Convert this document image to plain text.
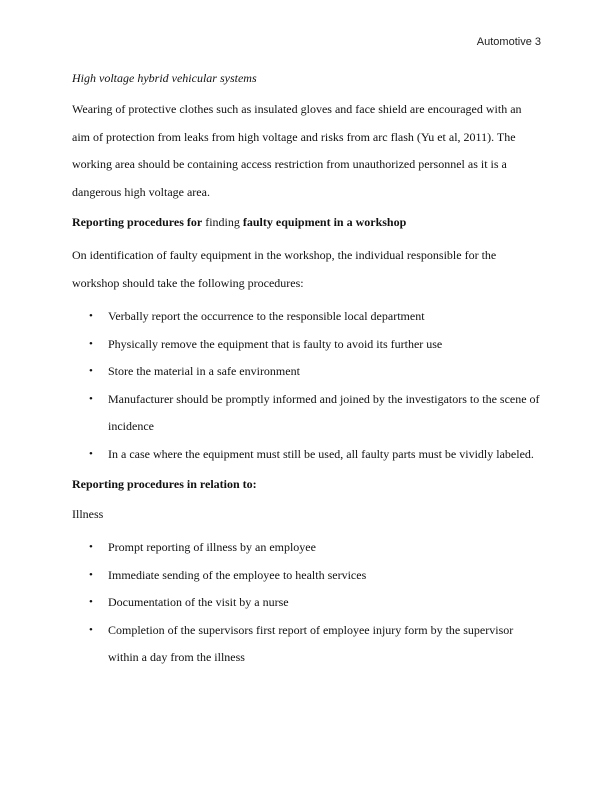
Automotive 3
High voltage hybrid vehicular systems

Wearing of protective clothes such as insulated gloves and face shield are encouraged with an aim of protection from leaks from high voltage and risks from arc flash (Yu et al, 2011). The working area should be containing access restriction from unauthorized personnel as it is a dangerous high voltage area.

Reporting procedures for finding faulty equipment in a workshop

On identification of faulty equipment in the workshop, the individual responsible for the workshop should take the following procedures:

• Verbally report the occurrence to the responsible local department
• Physically remove the equipment that is faulty to avoid its further use
• Store the material in a safe environment
• Manufacturer should be promptly informed and joined by the investigators to the scene of incidence
• In a case where the equipment must still be used, all faulty parts must be vividly labeled.
Reporting procedures in relation to:
Illness
• Prompt reporting of illness by an employee
• Immediate sending of the employee to health services
• Documentation of the visit by a nurse
• Completion of the supervisors first report of employee injury form by the supervisor within a day from the illness
